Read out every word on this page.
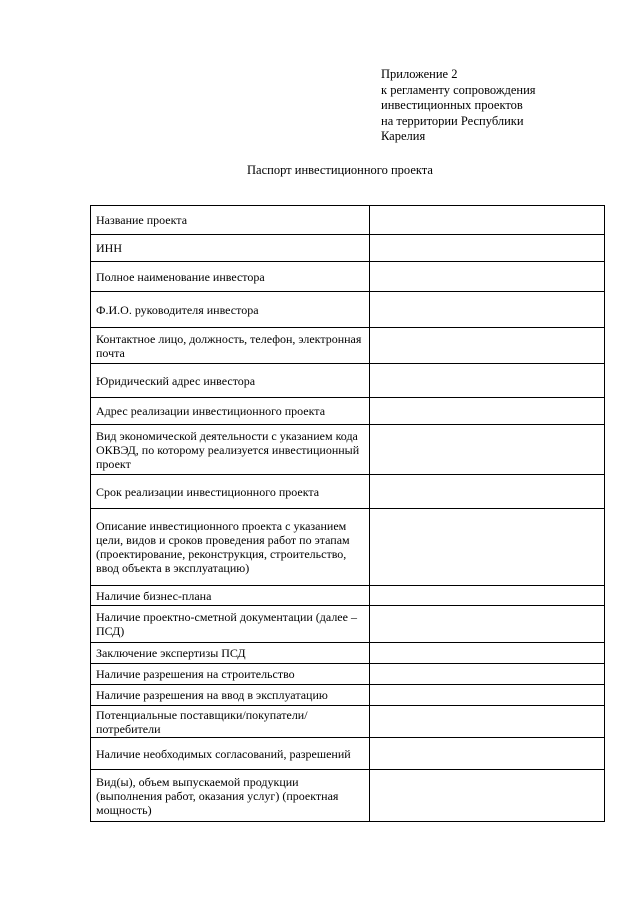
Приложение 2
к регламенту сопровождения
инвестиционных проектов
на территории Республики
Карелия
Паспорт инвестиционного проекта
Название проекта	
ИНН	
Полное наименование инвестора	
Ф.И.О. руководителя инвестора	
Контактное лицо, должность, телефон, электронная почта	
Юридический адрес инвестора	
Адрес реализации инвестиционного проекта	
Вид экономической деятельности с указанием кода ОКВЭД, по которому реализуется инвестиционный проект	
Срок реализации инвестиционного проекта	
Описание инвестиционного проекта с указанием цели, видов и сроков проведения работ по этапам (проектирование, реконструкция, строительство, ввод объекта в эксплуатацию)	
Наличие бизнес-плана	
Наличие проектно-сметной документации (далее – ПСД)	
Заключение экспертизы ПСД	
Наличие разрешения на строительство	
Наличие разрешения на ввод в эксплуатацию	
Потенциальные поставщики/покупатели/потребители	
Наличие необходимых согласований, разрешений	
Вид(ы), объем выпускаемой продукции (выполнения работ, оказания услуг) (проектная мощность)	
